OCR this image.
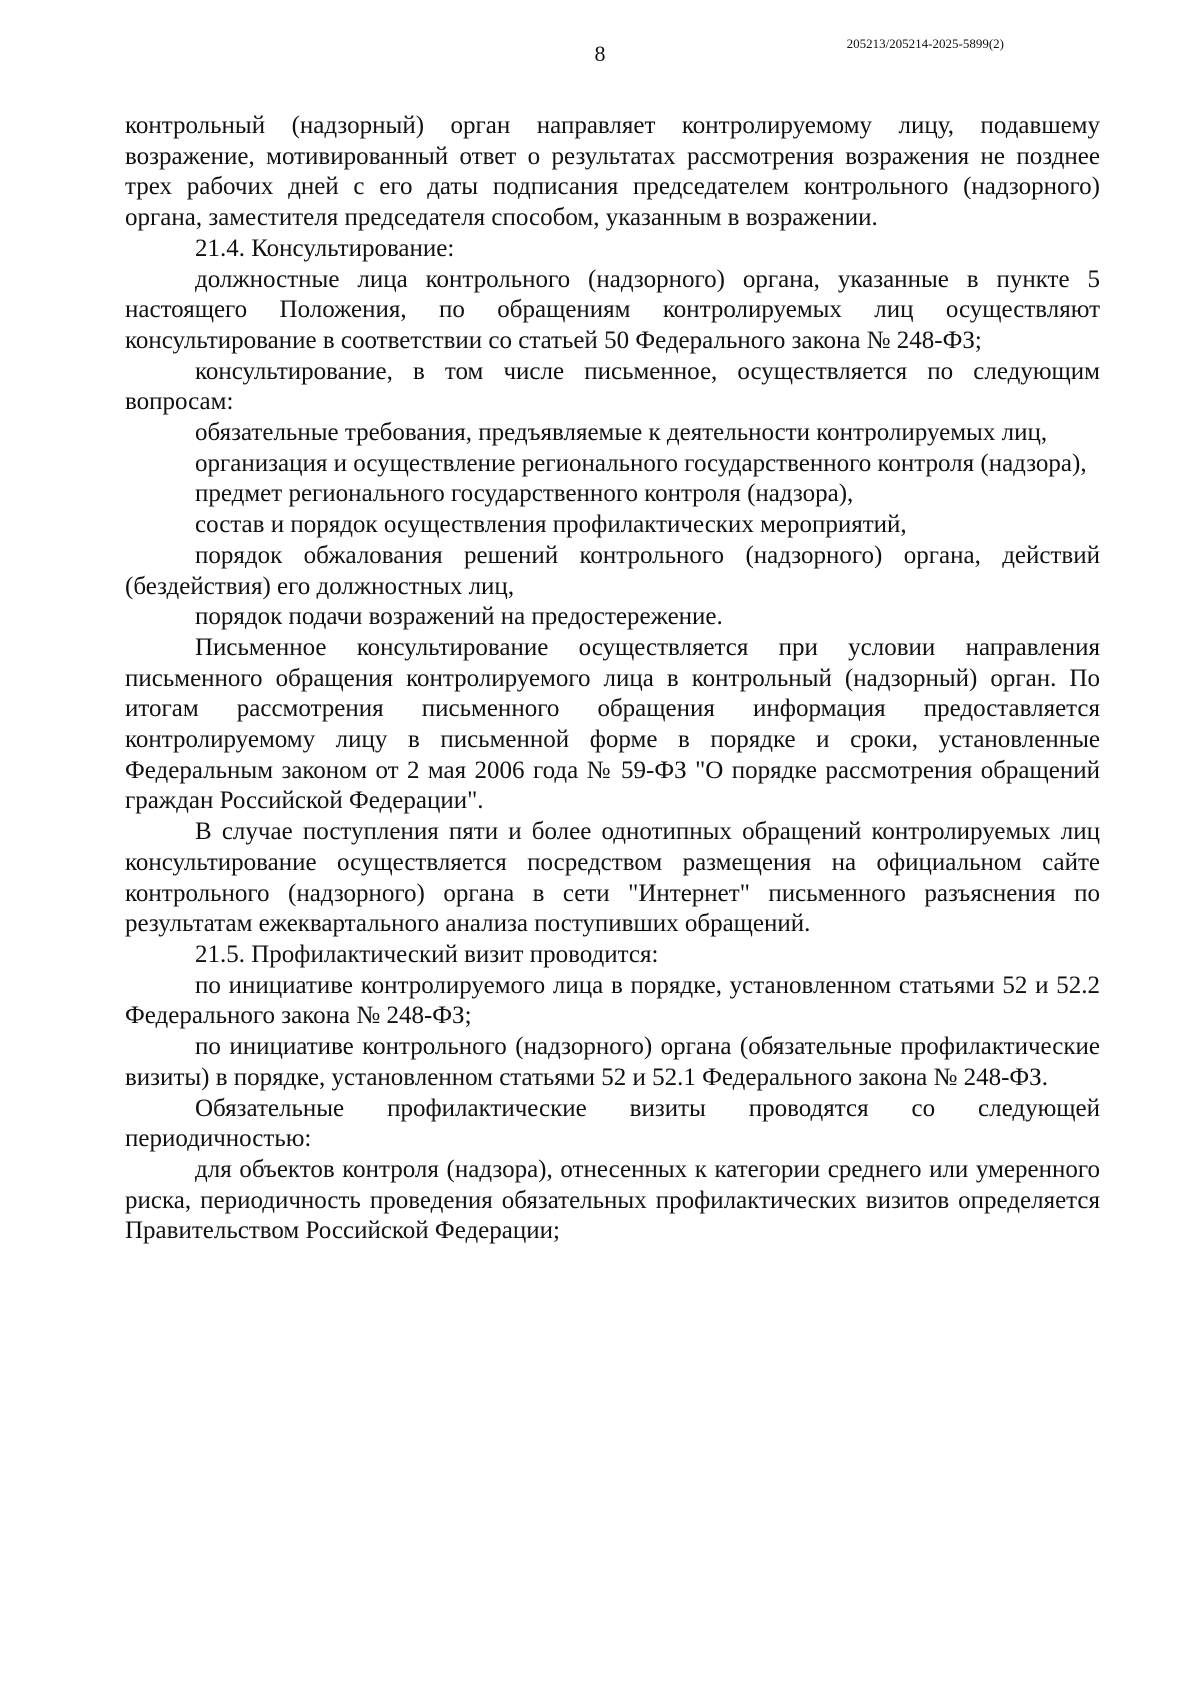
8	205213/205214-2025-5899(2)

контрольный (надзорный) орган направляет контролируемому лицу, подавшему возражение, мотивированный ответ о результатах рассмотрения возражения не позднее трех рабочих дней с его даты подписания председателем контрольного (надзорного) органа, заместителя председателя способом, указанным в возражении.

21.4. Консультирование:

должностные лица контрольного (надзорного) органа, указанные в пункте 5 настоящего Положения, по обращениям контролируемых лиц осуществляют консультирование в соответствии со статьей 50 Федерального закона № 248-ФЗ;

консультирование, в том числе письменное, осуществляется по следующим вопросам:

обязательные требования, предъявляемые к деятельности контролируемых лиц,

организация и осуществление регионального государственного контроля (надзора),

предмет регионального государственного контроля (надзора),

состав и порядок осуществления профилактических мероприятий,

порядок обжалования решений контрольного (надзорного) органа, действий (бездействия) его должностных лиц,

порядок подачи возражений на предостережение.

Письменное консультирование осуществляется при условии направления письменного обращения контролируемого лица в контрольный (надзорный) орган. По итогам рассмотрения письменного обращения информация предоставляется контролируемому лицу в письменной форме в порядке и сроки, установленные Федеральным законом от 2 мая 2006 года № 59-ФЗ "О порядке рассмотрения обращений граждан Российской Федерации".

В случае поступления пяти и более однотипных обращений контролируемых лиц консультирование осуществляется посредством размещения на официальном сайте контрольного (надзорного) органа в сети "Интернет" письменного разъяснения по результатам ежеквартального анализа поступивших обращений.

21.5. Профилактический визит проводится:

по инициативе контролируемого лица в порядке, установленном статьями 52 и 52.2 Федерального закона № 248-ФЗ;

по инициативе контрольного (надзорного) органа (обязательные профилактические визиты) в порядке, установленном статьями 52 и 52.1 Федерального закона № 248-ФЗ.

Обязательные профилактические визиты проводятся со следующей периодичностью:

для объектов контроля (надзора), отнесенных к категории среднего или умеренного риска, периодичность проведения обязательных профилактических визитов определяется Правительством Российской Федерации;
